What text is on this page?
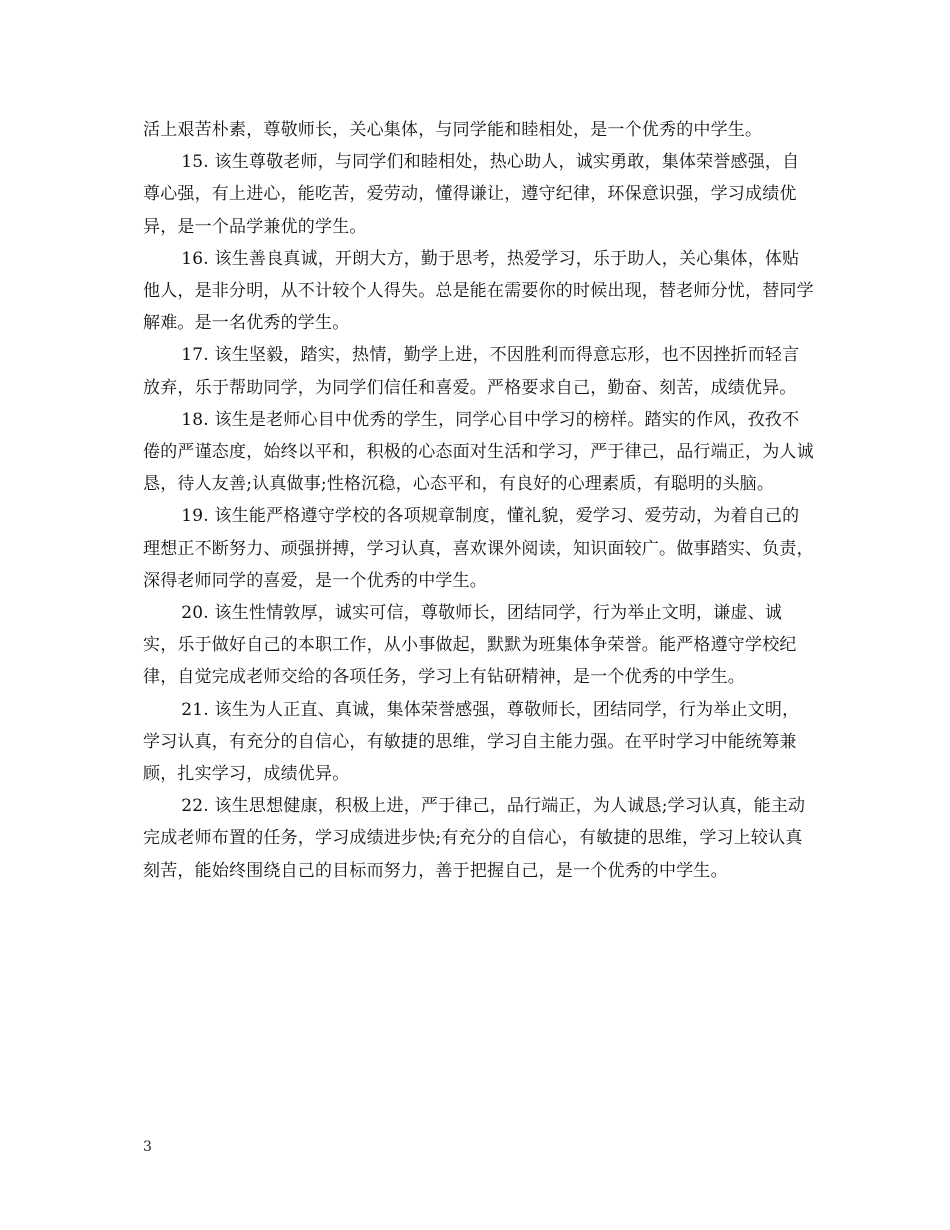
活上艰苦朴素，尊敬师长，关心集体，与同学能和睦相处，是一个优秀的中学生。

15. 该生尊敬老师，与同学们和睦相处，热心助人，诚实勇敢，集体荣誉感强，自尊心强，有上进心，能吃苦，爱劳动，懂得谦让，遵守纪律，环保意识强，学习成绩优异，是一个品学兼优的学生。

16. 该生善良真诚，开朗大方，勤于思考，热爱学习，乐于助人，关心集体，体贴他人，是非分明，从不计较个人得失。总是能在需要你的时候出现，替老师分忧，替同学解难。是一名优秀的学生。

17. 该生坚毅，踏实，热情，勤学上进，不因胜利而得意忘形，也不因挫折而轻言放弃，乐于帮助同学，为同学们信任和喜爱。严格要求自己，勤奋、刻苦，成绩优异。

18. 该生是老师心目中优秀的学生，同学心目中学习的榜样。踏实的作风，孜孜不倦的严谨态度，始终以平和，积极的心态面对生活和学习，严于律己，品行端正，为人诚恳，待人友善;认真做事;性格沉稳，心态平和，有良好的心理素质，有聪明的头脑。

19. 该生能严格遵守学校的各项规章制度，懂礼貌，爱学习、爱劳动，为着自己的理想正不断努力、顽强拼搏，学习认真，喜欢课外阅读，知识面较广。做事踏实、负责，深得老师同学的喜爱，是一个优秀的中学生。

20. 该生性情敦厚，诚实可信，尊敬师长，团结同学，行为举止文明，谦虚、诚实，乐于做好自己的本职工作，从小事做起，默默为班集体争荣誉。能严格遵守学校纪律，自觉完成老师交给的各项任务，学习上有钻研精神，是一个优秀的中学生。

21. 该生为人正直、真诚，集体荣誉感强，尊敬师长，团结同学，行为举止文明，学习认真，有充分的自信心，有敏捷的思维，学习自主能力强。在平时学习中能统筹兼顾，扎实学习，成绩优异。

22. 该生思想健康，积极上进，严于律己，品行端正，为人诚恳;学习认真，能主动完成老师布置的任务，学习成绩进步快;有充分的自信心，有敏捷的思维，学习上较认真刻苦，能始终围绕自己的目标而努力，善于把握自己，是一个优秀的中学生。

3
